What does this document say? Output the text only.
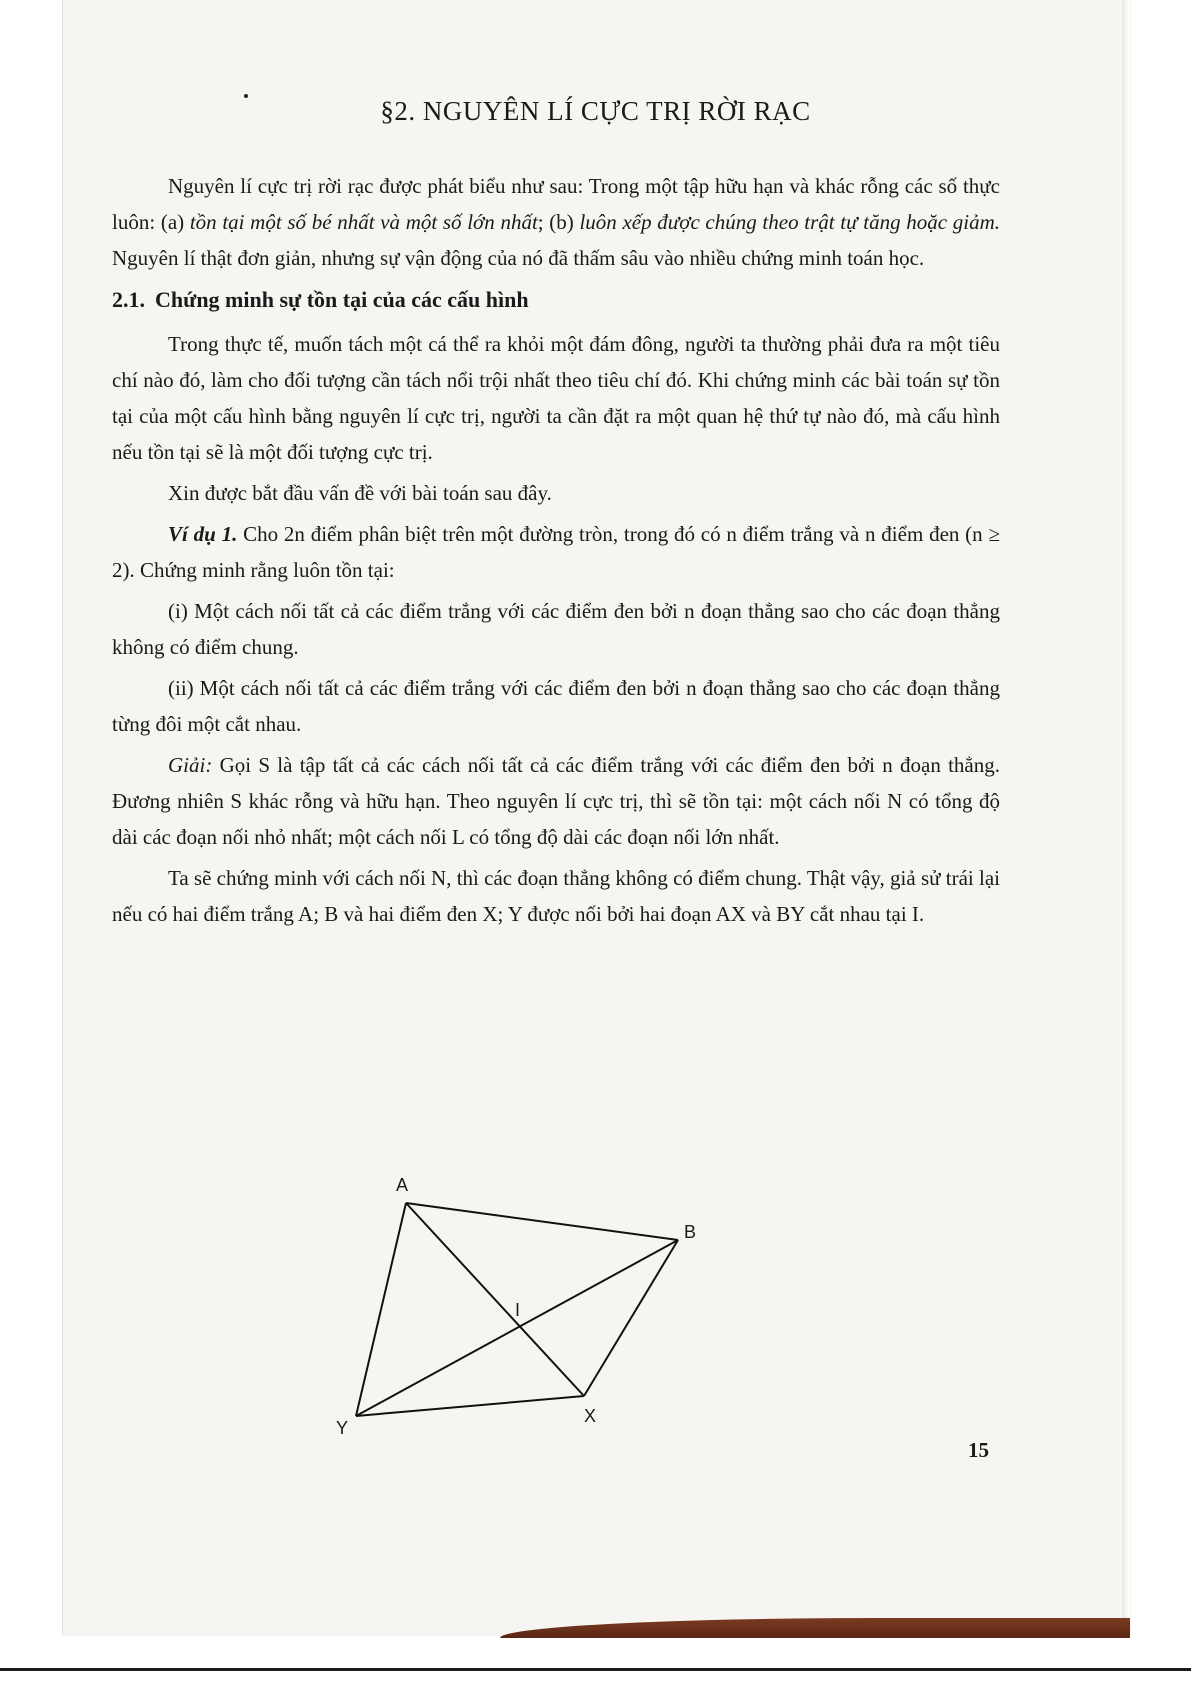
§2. NGUYÊN LÍ CỰC TRỊ RỜI RẠC

Nguyên lí cực trị rời rạc được phát biểu như sau: Trong một tập hữu hạn và khác rỗng các số thực luôn: (a) tồn tại một số bé nhất và một số lớn nhất; (b) luôn xếp được chúng theo trật tự tăng hoặc giảm. Nguyên lí thật đơn giản, nhưng sự vận động của nó đã thấm sâu vào nhiều chứng minh toán học.

2.1. Chứng minh sự tồn tại của các cấu hình

Trong thực tế, muốn tách một cá thể ra khỏi một đám đông, người ta thường phải đưa ra một tiêu chí nào đó, làm cho đối tượng cần tách nổi trội nhất theo tiêu chí đó. Khi chứng minh các bài toán sự tồn tại của một cấu hình bằng nguyên lí cực trị, người ta cần đặt ra một quan hệ thứ tự nào đó, mà cấu hình nếu tồn tại sẽ là một đối tượng cực trị.

Xin được bắt đầu vấn đề với bài toán sau đây.

Ví dụ 1. Cho 2n điểm phân biệt trên một đường tròn, trong đó có n điểm trắng và n điểm đen (n ≥ 2). Chứng minh rằng luôn tồn tại:

(i) Một cách nối tất cả các điểm trắng với các điểm đen bởi n đoạn thẳng sao cho các đoạn thẳng không có điểm chung.

(ii) Một cách nối tất cả các điểm trắng với các điểm đen bởi n đoạn thẳng sao cho các đoạn thẳng từng đôi một cắt nhau.

Giải: Gọi S là tập tất cả các cách nối tất cả các điểm trắng với các điểm đen bởi n đoạn thẳng. Đương nhiên S khác rỗng và hữu hạn. Theo nguyên lí cực trị, thì sẽ tồn tại: một cách nối N có tổng độ dài các đoạn nối nhỏ nhất; một cách nối L có tổng độ dài các đoạn nối lớn nhất.

Ta sẽ chứng minh với cách nối N, thì các đoạn thẳng không có điểm chung. Thật vậy, giả sử trái lại nếu có hai điểm trắng A; B và hai điểm đen X; Y được nối bởi hai đoạn AX và BY cắt nhau tại I.

A
B
I
X
Y
15
